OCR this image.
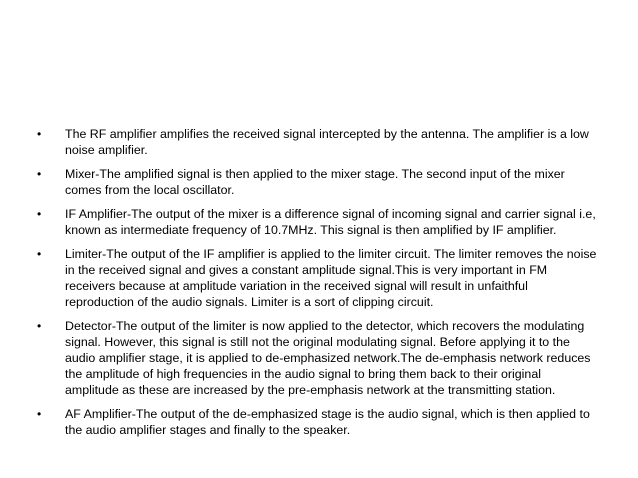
•	The RF amplifier amplifies the received signal intercepted by the antenna. The amplifier is a low noise amplifier.
•	Mixer-The amplified signal is then applied to the mixer stage. The second input of the mixer comes from the local oscillator.
•	IF Amplifier-The output of the mixer is a difference signal of incoming signal and carrier signal i.e, known as intermediate frequency of 10.7MHz. This signal is then amplified by IF amplifier.
•	Limiter-The output of the IF amplifier is applied to the limiter circuit. The limiter removes the noise in the received signal and gives a constant amplitude signal.This is very important in FM receivers because at amplitude variation in the received signal will result in unfaithful reproduction of the audio signals. Limiter is a sort of clipping circuit.
•	Detector-The output of the limiter is now applied to the detector, which recovers the modulating signal. However, this signal is still not the original modulating signal. Before applying it to the audio amplifier stage, it is applied to de-emphasized network.The de-emphasis network reduces the amplitude of high frequencies in the audio signal to bring them back to their original amplitude as these are increased by the pre-emphasis network at the transmitting station.
•	AF Amplifier-The output of the de-emphasized stage is the audio signal, which is then applied to the audio amplifier stages and finally to the speaker.
